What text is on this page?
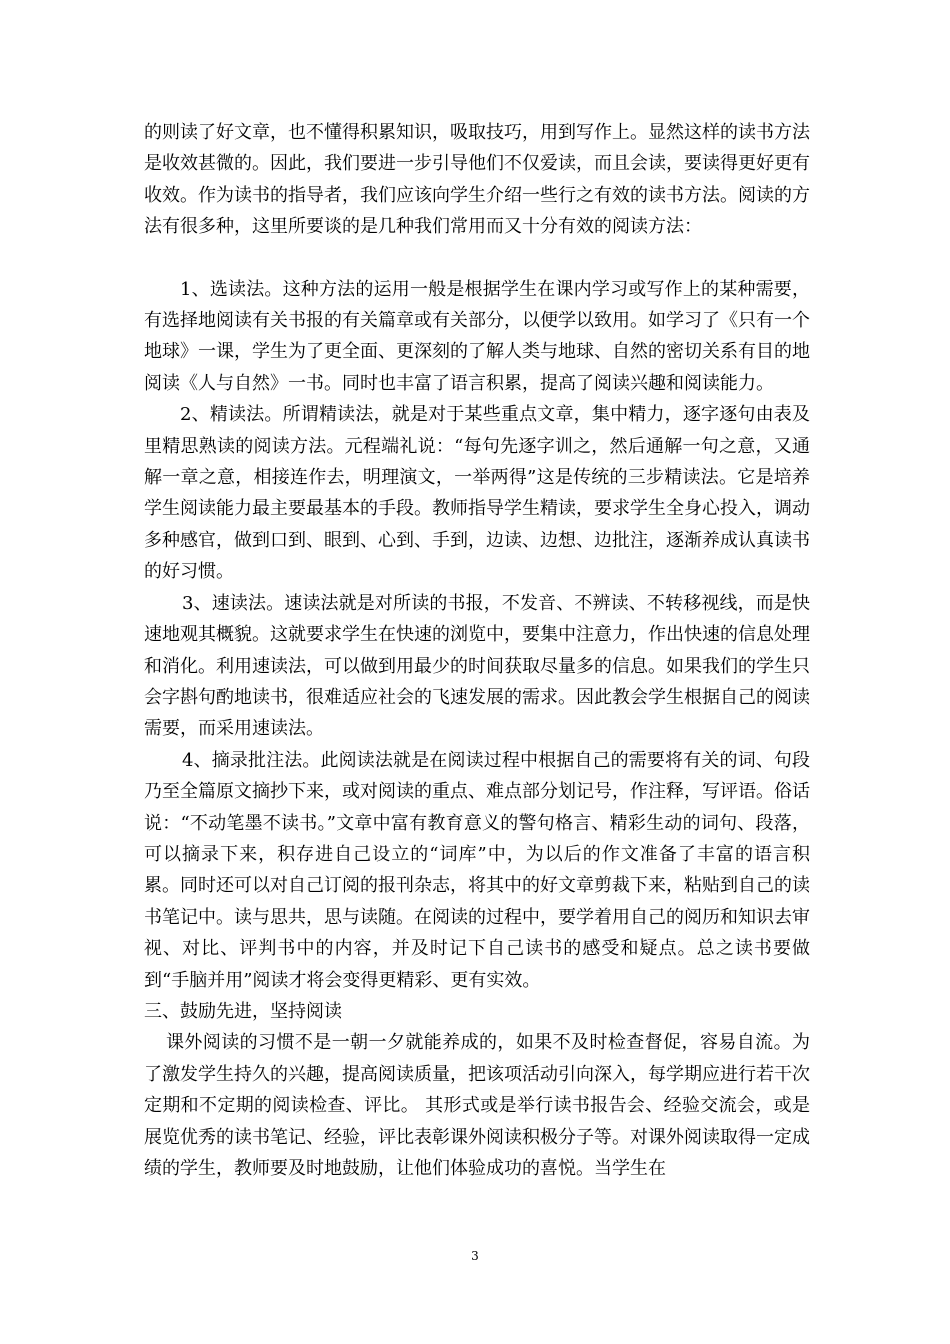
的则读了好文章，也不懂得积累知识，吸取技巧，用到写作上。显然这样的读书方法是收效甚微的。因此，我们要进一步引导他们不仅爱读，而且会读，要读得更好更有收效。作为读书的指导者，我们应该向学生介绍一些行之有效的读书方法。阅读的方法有很多种，这里所要谈的是几种我们常用而又十分有效的阅读方法：

1、选读法。这种方法的运用一般是根据学生在课内学习或写作上的某种需要，有选择地阅读有关书报的有关篇章或有关部分，以便学以致用。如学习了《只有一个地球》一课，学生为了更全面、更深刻的了解人类与地球、自然的密切关系有目的地阅读《人与自然》一书。同时也丰富了语言积累，提高了阅读兴趣和阅读能力。

2、精读法。所谓精读法，就是对于某些重点文章，集中精力，逐字逐句由表及里精思熟读的阅读方法。元程端礼说：“每句先逐字训之，然后通解一句之意，又通解一章之意，相接连作去，明理演文，一举两得”这是传统的三步精读法。它是培养学生阅读能力最主要最基本的手段。教师指导学生精读，要求学生全身心投入，调动多种感官，做到口到、眼到、心到、手到，边读、边想、边批注，逐渐养成认真读书的好习惯。

3、速读法。速读法就是对所读的书报，不发音、不辨读、不转移视线，而是快速地观其概貌。这就要求学生在快速的浏览中，要集中注意力，作出快速的信息处理和消化。利用速读法，可以做到用最少的时间获取尽量多的信息。如果我们的学生只会字斟句酌地读书，很难适应社会的飞速发展的需求。因此教会学生根据自己的阅读需要，而采用速读法。

4、摘录批注法。此阅读法就是在阅读过程中根据自己的需要将有关的词、句段乃至全篇原文摘抄下来，或对阅读的重点、难点部分划记号，作注释，写评语。俗话说：“不动笔墨不读书。”文章中富有教育意义的警句格言、精彩生动的词句、段落，可以摘录下来，积存进自己设立的“词库”中，为以后的作文准备了丰富的语言积累。同时还可以对自己订阅的报刊杂志，将其中的好文章剪裁下来，粘贴到自己的读书笔记中。读与思共，思与读随。在阅读的过程中，要学着用自己的阅历和知识去审视、对比、评判书中的内容，并及时记下自己读书的感受和疑点。总之读书要做到“手脑并用”阅读才将会变得更精彩、更有实效。

三、鼓励先进，坚持阅读

课外阅读的习惯不是一朝一夕就能养成的，如果不及时检查督促，容易自流。为了激发学生持久的兴趣，提高阅读质量，把该项活动引向深入，每学期应进行若干次定期和不定期的阅读检查、评比。 其形式或是举行读书报告会、经验交流会，或是展览优秀的读书笔记、经验，评比表彰课外阅读积极分子等。对课外阅读取得一定成绩的学生，教师要及时地鼓励，让他们体验成功的喜悦。当学生在

3
